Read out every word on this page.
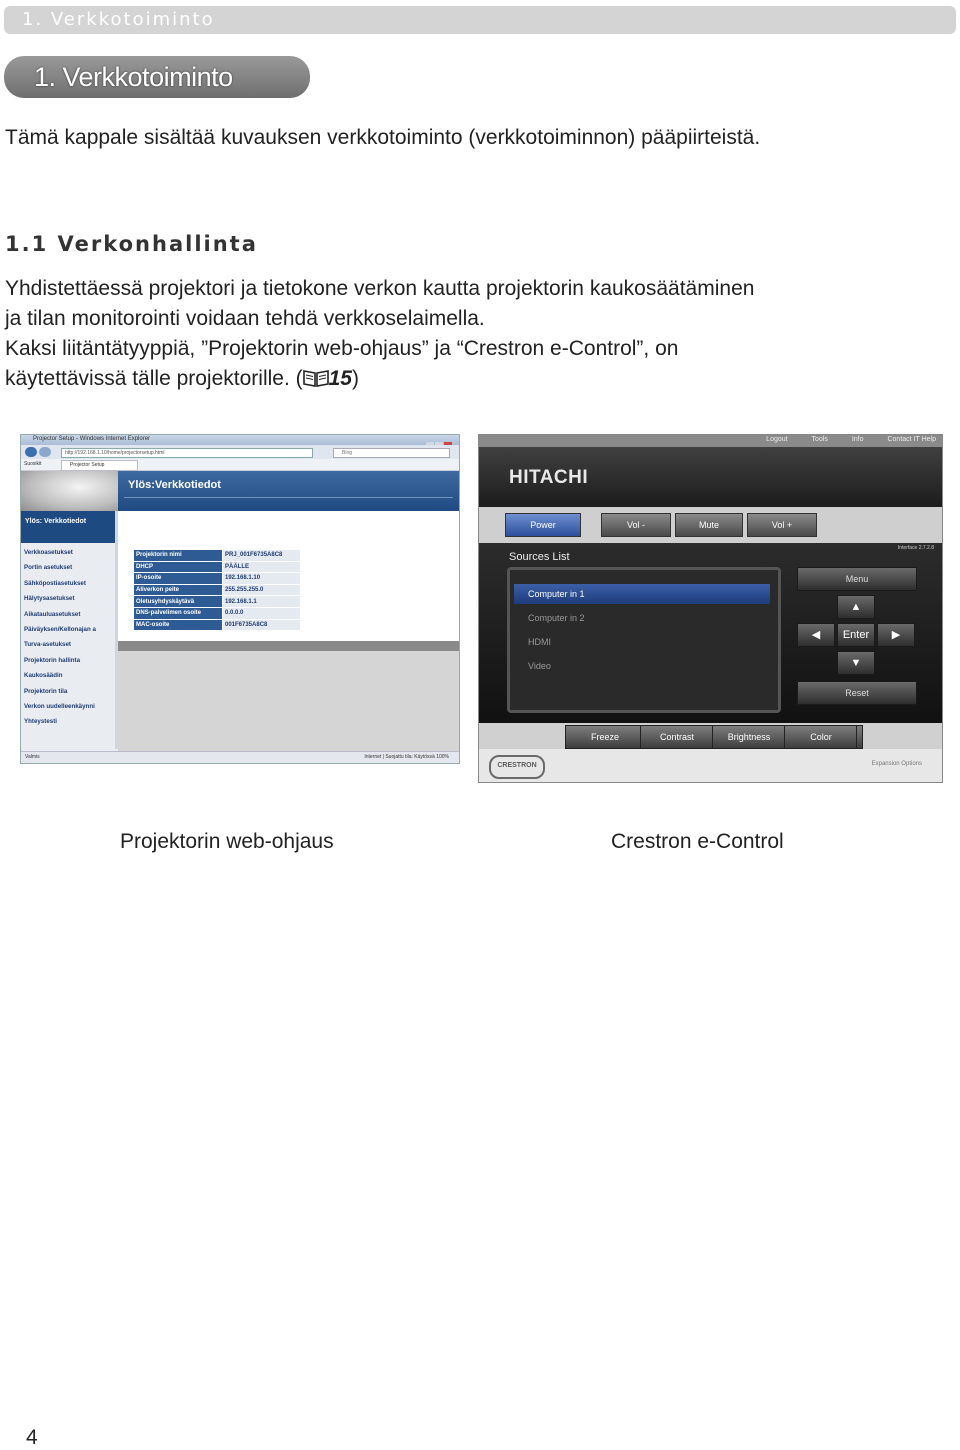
1. Verkkotoiminto
1. Verkkotoiminto
Tämä kappale sisältää kuvauksen verkkotoiminto (verkkotoiminnon) pääpiirteistä.
1.1 Verkonhallinta
Yhdistettäessä projektori ja tietokone verkon kautta projektorin kaukosäätäminen
ja tilan monitorointi voidaan tehdä verkkoselaimella.
Kaksi liitäntätyyppiä, ”Projektorin web-ohjaus” ja “Crestron e-Control”, on
käytettävissä tälle projektorille. ( 15)
Projector Setup - Windows Internet Explorer
http://192.168.1.10/home/projectorsetup.html	Bing
Suosikit	Projector Setup
Ylös:Verkkotiedot
Ylös: Verkkotiedot
Verkkoasetukset
Portin asetukset
Sähköpostiasetukset
Hälytysasetukset
Aikatauluasetukset
Päiväyksen/Kellonajan a
Turva-asetukset
Projektorin hallinta
Kaukosäädin
Projektorin tila
Verkon uudelleenkäynni
Yhteystesti
Projektorin nimi	PRJ_001F6735A8C8
DHCP	PÄÄLLE
IP-osoite	192.168.1.10
Aliverkon peite	255.255.255.0
Oletusyhdyskäytävä	192.168.1.1
DNS-palvelimen osoite	0.0.0.0
MAC-osoite	001F6735A8C8
Valmis	Internet | Suojattu tila: Käytössä 100%
Logout	Tools	Info	Contact IT Help
HITACHI
Power	Vol -	Mute	Vol +
Interface 2.7.2.8
Sources List
Computer in 1
Computer in 2
HDMI
Video
Menu
▲
◀	Enter	▶
▼
Reset
Freeze	Contrast	Brightness	Color
CRESTRON	Expansion Options
Projektorin web-ohjaus	Crestron e-Control
4
